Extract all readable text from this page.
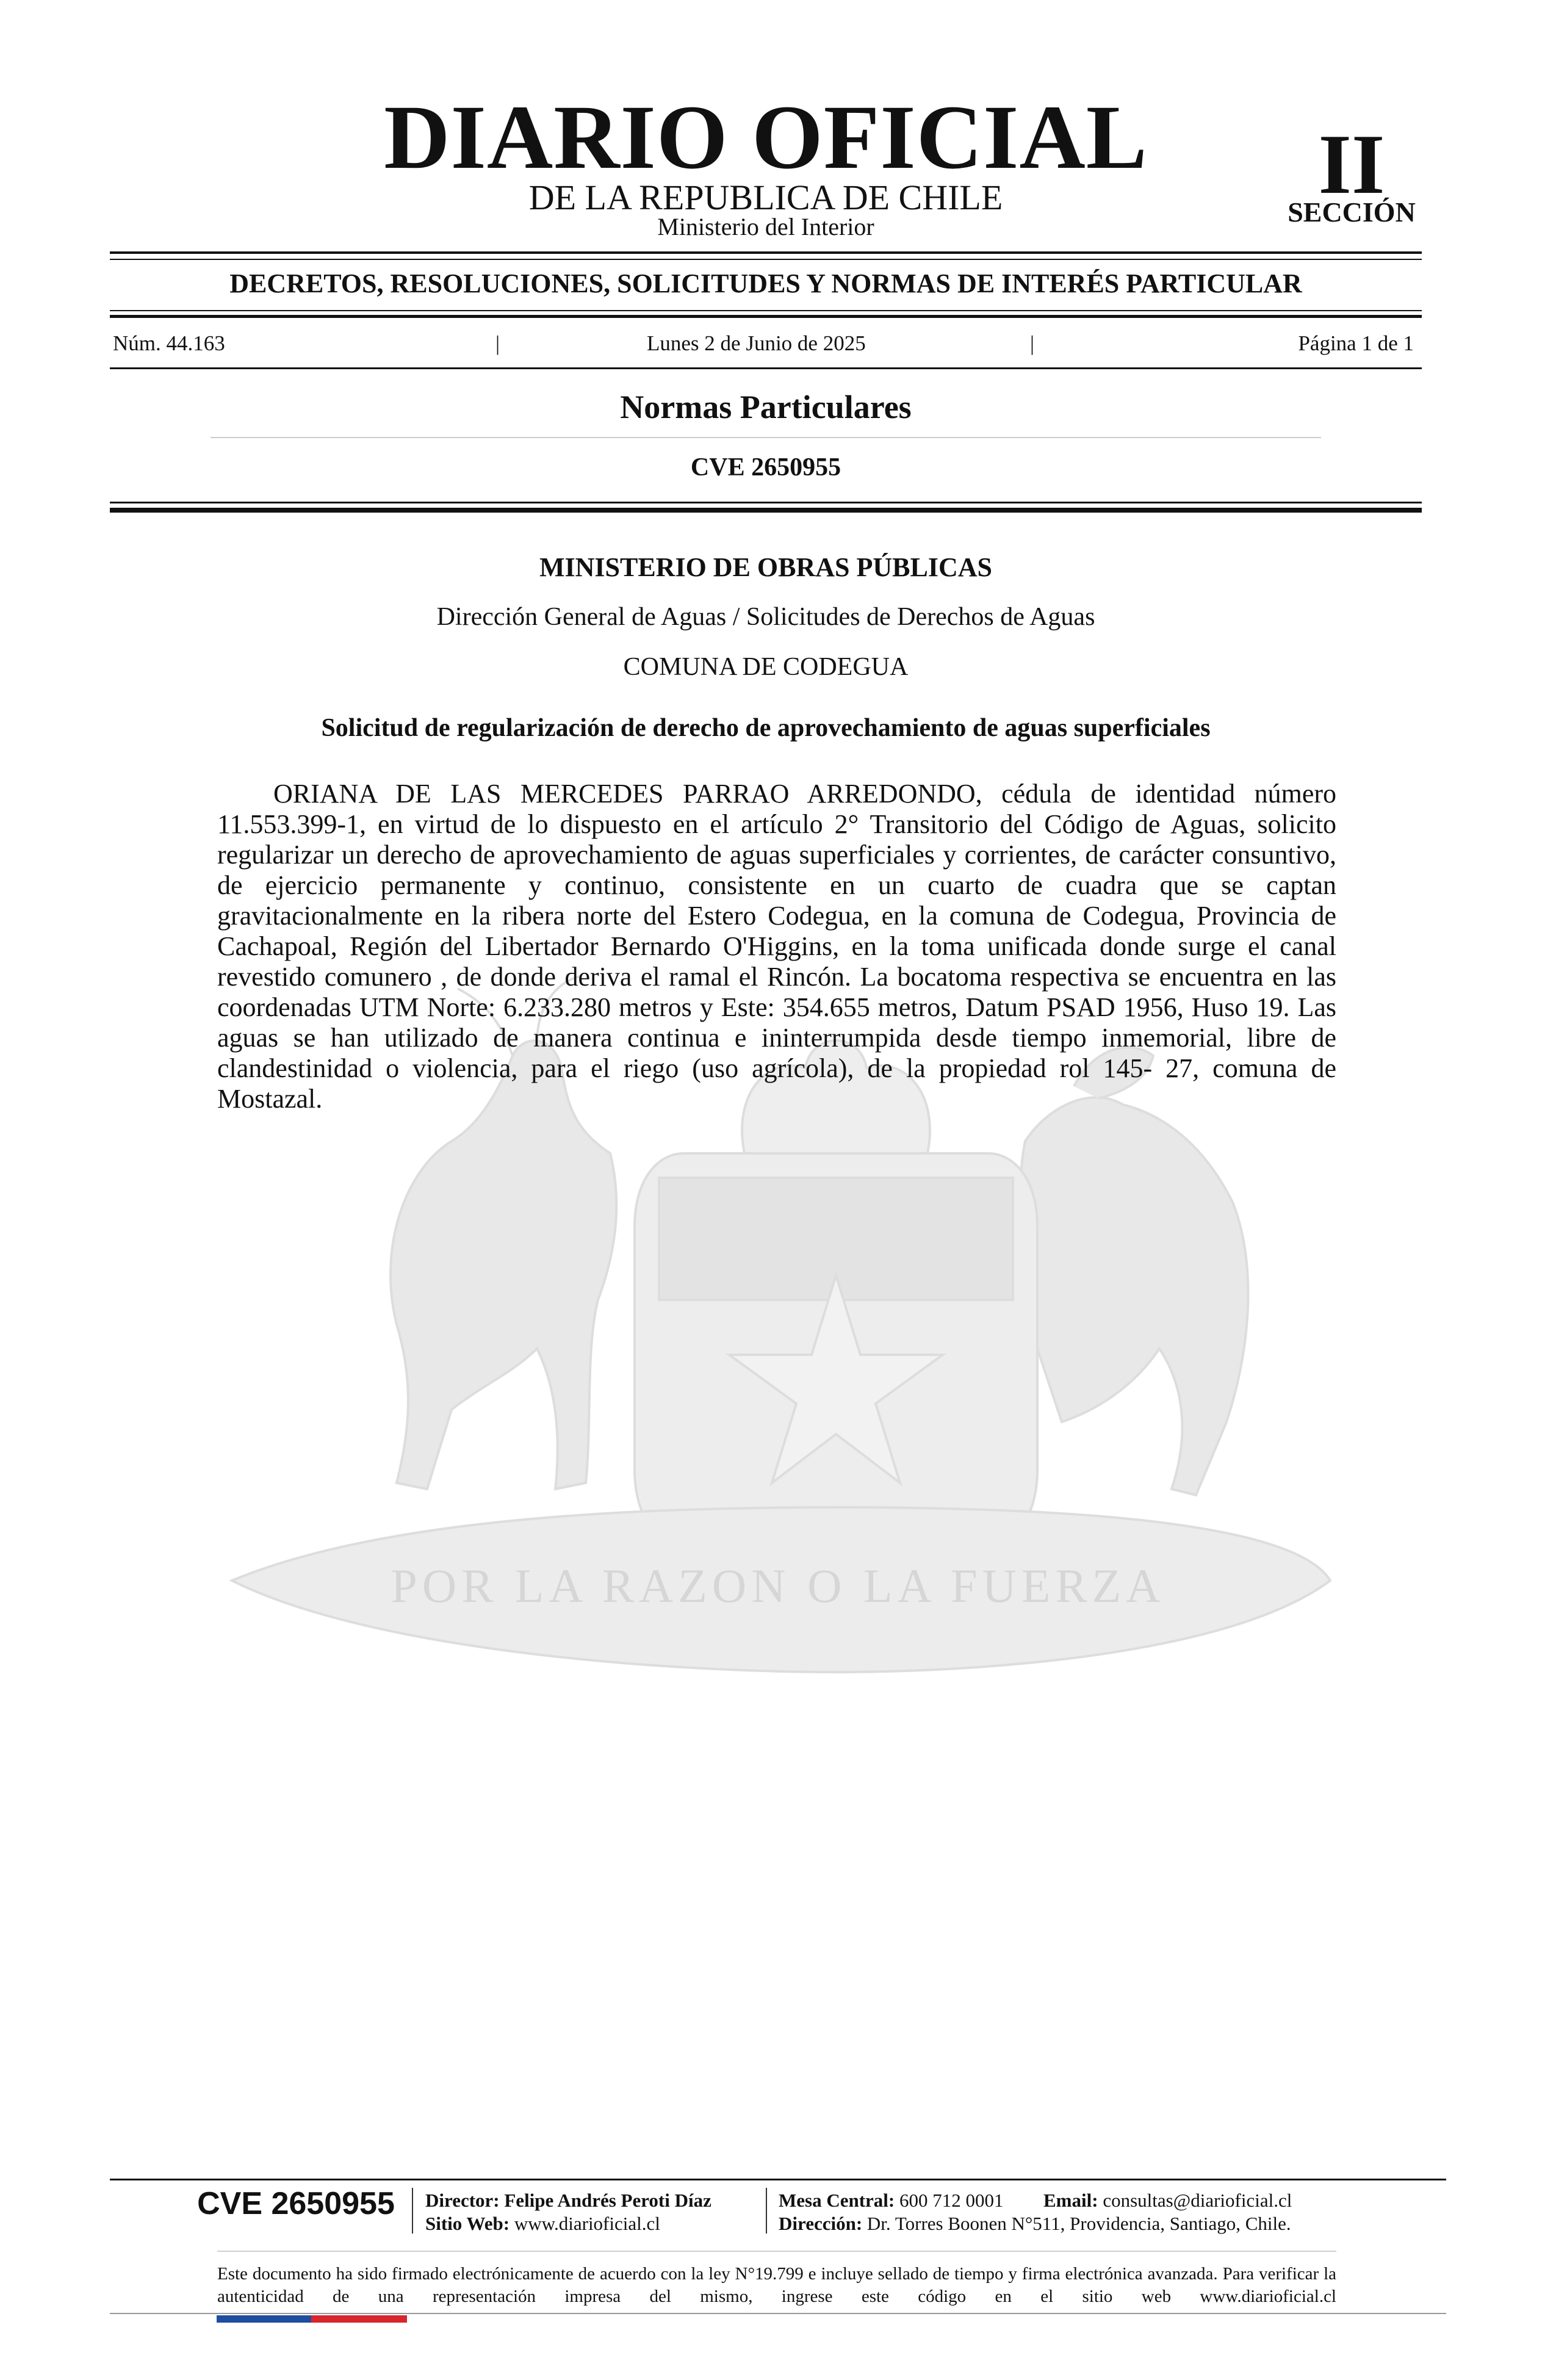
DIARIO OFICIAL
DE LA REPUBLICA DE CHILE
Ministerio del Interior
II
SECCIÓN
DECRETOS, RESOLUCIONES, SOLICITUDES Y NORMAS DE INTERÉS PARTICULAR
Núm. 44.163	|	Lunes 2 de Junio de 2025	|	Página 1 de 1
Normas Particulares
CVE 2650955
POR LA RAZON O LA FUERZA
MINISTERIO DE OBRAS PÚBLICAS
Dirección General de Aguas / Solicitudes de Derechos de Aguas
COMUNA DE CODEGUA
Solicitud de regularización de derecho de aprovechamiento de aguas superficiales
ORIANA DE LAS MERCEDES PARRAO ARREDONDO, cédula de identidad número 11.553.399-1, en virtud de lo dispuesto en el artículo 2° Transitorio del Código de Aguas, solicito regularizar un derecho de aprovechamiento de aguas superficiales y corrientes, de carácter consuntivo, de ejercicio permanente y continuo, consistente en un cuarto de cuadra que se captan gravitacionalmente en la ribera norte del Estero Codegua, en la comuna de Codegua, Provincia de Cachapoal, Región del Libertador Bernardo O'Higgins, en la toma unificada donde surge el canal revestido comunero , de donde deriva el ramal el Rincón. La bocatoma respectiva se encuentra en las coordenadas UTM Norte: 6.233.280 metros y Este: 354.655 metros, Datum PSAD 1956, Huso 19. Las aguas se han utilizado de manera continua e ininterrumpida desde tiempo inmemorial, libre de clandestinidad o violencia, para el riego (uso agrícola), de la propiedad rol 145- 27, comuna de Mostazal.
CVE 2650955	Director: Felipe Andrés Peroti Díaz
Sitio Web: www.diarioficial.cl
Mesa Central: 600 712 0001 Email: consultas@diarioficial.cl
Dirección: Dr. Torres Boonen N°511, Providencia, Santiago, Chile.
Este documento ha sido firmado electrónicamente de acuerdo con la ley N°19.799 e incluye sellado de tiempo y firma electrónica avanzada. Para verificar la autenticidad de una representación impresa del mismo, ingrese este código en el sitio web www.diarioficial.cl
